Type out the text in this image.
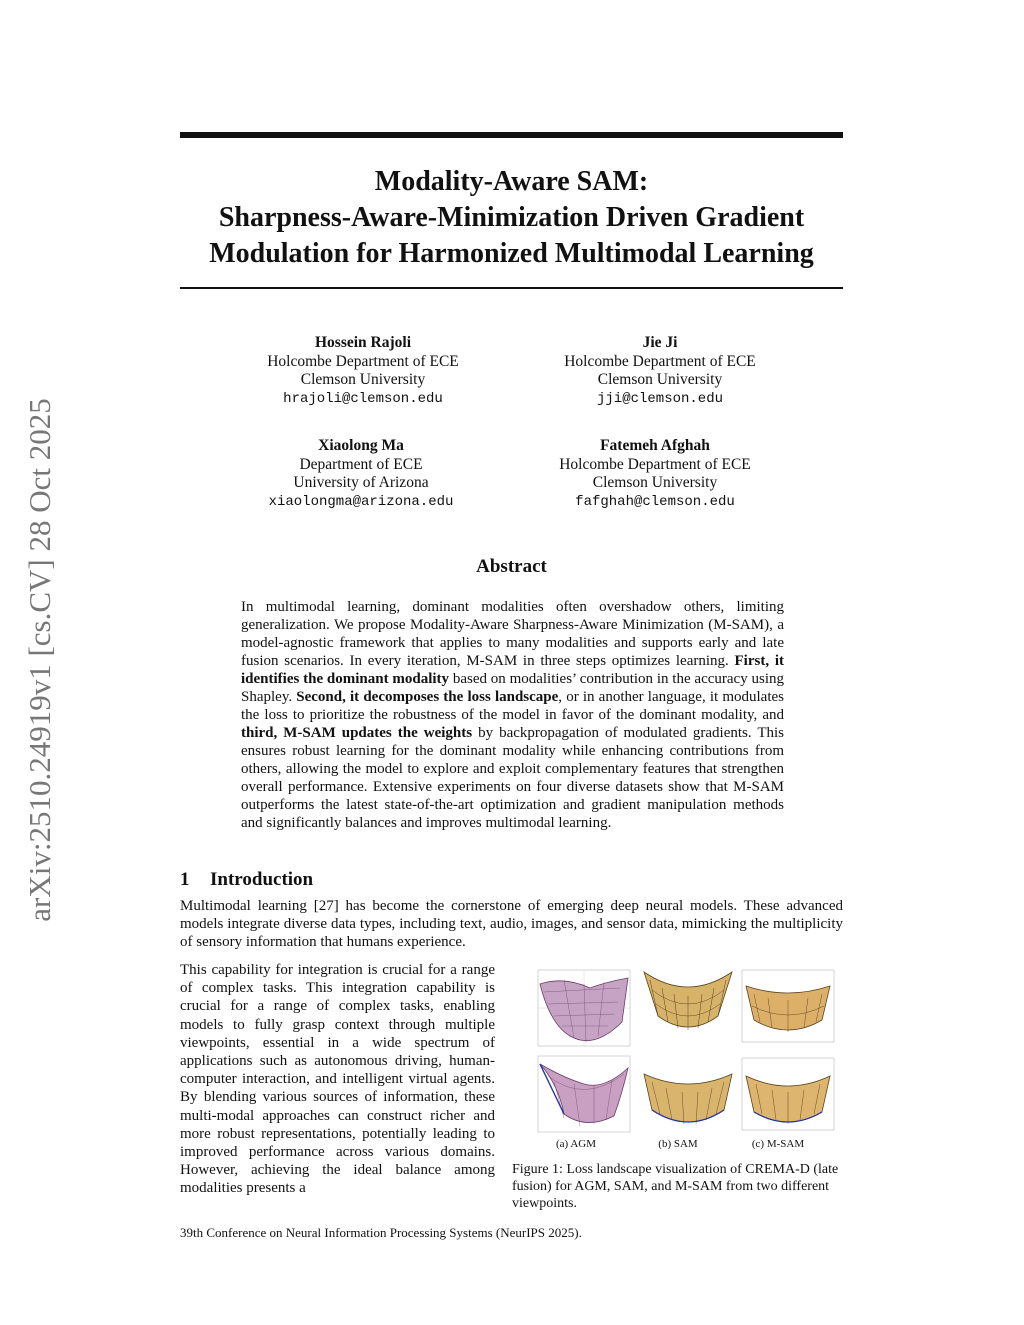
arXiv:2510.24919v1 [cs.CV] 28 Oct 2025
Modality-Aware SAM:
Sharpness-Aware-Minimization Driven Gradient
Modulation for Harmonized Multimodal Learning
Hossein Rajoli
Holcombe Department of ECE
Clemson University
hrajoli@clemson.edu
Jie Ji
Holcombe Department of ECE
Clemson University
jji@clemson.edu
Xiaolong Ma
Department of ECE
University of Arizona
xiaolongma@arizona.edu
Fatemeh Afghah
Holcombe Department of ECE
Clemson University
fafghah@clemson.edu
Abstract
In multimodal learning, dominant modalities often overshadow others, limiting generalization. We propose Modality-Aware Sharpness-Aware Minimization (M-SAM), a model-agnostic framework that applies to many modalities and supports early and late fusion scenarios. In every iteration, M-SAM in three steps optimizes learning. First, it identifies the dominant modality based on modalities’ contribution in the accuracy using Shapley. Second, it decomposes the loss landscape, or in another language, it modulates the loss to prioritize the robustness of the model in favor of the dominant modality, and third, M-SAM updates the weights by backpropagation of modulated gradients. This ensures robust learning for the dominant modality while enhancing contributions from others, allowing the model to explore and exploit complementary features that strengthen overall performance. Extensive experiments on four diverse datasets show that M-SAM outperforms the latest state-of-the-art optimization and gradient manipulation methods and significantly balances and improves multimodal learning.
1 Introduction
Multimodal learning [27] has become the cornerstone of emerging deep neural models. These advanced models integrate diverse data types, including text, audio, images, and sensor data, mimicking the multiplicity of sensory information that humans experience.
This capability for integration is crucial for a range of complex tasks. This integration capability is crucial for a range of complex tasks, enabling models to fully grasp context through multiple viewpoints, essential in a wide spectrum of applications such as autonomous driving, human-computer interaction, and intelligent virtual agents. By blending various sources of information, these multi-modal approaches can construct richer and more robust representations, potentially leading to improved performance across various domains. However, achieving the ideal balance among modalities presents a
(a) AGM	(b) SAM	(c) M-SAM
Figure 1: Loss landscape visualization of CREMA-D (late fusion) for AGM, SAM, and M-SAM from two different viewpoints.
39th Conference on Neural Information Processing Systems (NeurIPS 2025).
